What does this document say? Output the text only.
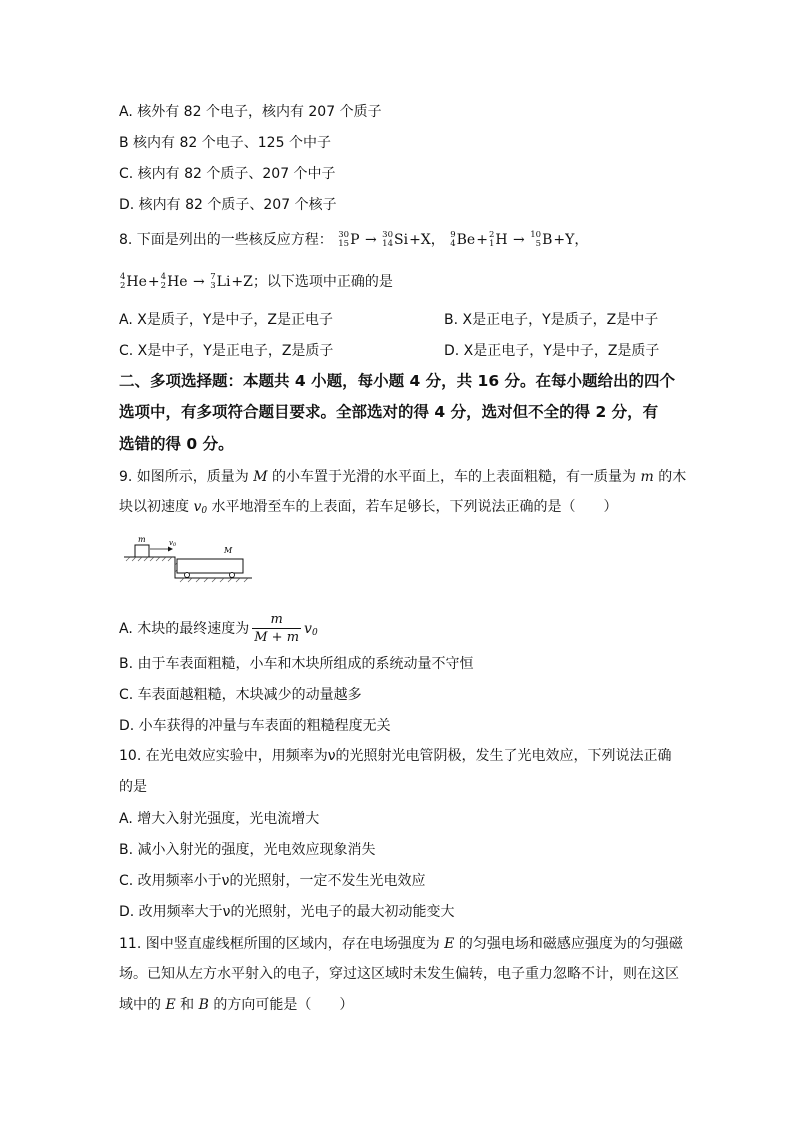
A. 核外有 82 个电子，核内有 207 个质子
B 核内有 82 个电子、125 个中子
C. 核内有 82 个质子、207 个中子
D. 核内有 82 个质子、207 个核子
8. 下面是列出的一些核反应方程： 30
15 P → 30
14 Si+X， 9
4 Be+ 2
1 H → 10
5 B+Y，
4
2 He+ 4
2 He → 7
3 Li+Z；以下选项中正确的是
A. X是质子，Y是中子，Z是正电子	B. X是正电子，Y是质子，Z是中子
C. X是中子，Y是正电子，Z是质子	D. X是正电子，Y是中子，Z是质子
二、多项选择题：本题共 4 小题，每小题 4 分，共 16 分。在每小题给出的四个
选项中，有多项符合题目要求。全部选对的得 4 分，选对但不全的得 2 分，有
选错的得 0 分。
9. 如图所示，质量为 M 的小车置于光滑的水平面上，车的上表面粗糙，有一质量为 m 的木
块以初速度 $v_0$ 水平地滑至车的上表面，若车足够长，下列说法正确的是（　　）
m	v0
M
A. 木块的最终速度为 $\frac{m}{M + m} v_0$
B. 由于车表面粗糙，小车和木块所组成的系统动量不守恒
C. 车表面越粗糙，木块减少的动量越多
D. 小车获得的冲量与车表面的粗糙程度无关
10. 在光电效应实验中，用频率为ν的光照射光电管阴极，发生了光电效应，下列说法正确
的是
A. 增大入射光强度，光电流增大
B. 减小入射光的强度，光电效应现象消失
C. 改用频率小于ν的光照射，一定不发生光电效应
D. 改用频率大于ν的光照射，光电子的最大初动能变大
11. 图中竖直虚线框所围的区域内，存在电场强度为 E 的匀强电场和磁感应强度为的匀强磁
场。已知从左方水平射入的电子，穿过这区域时未发生偏转，电子重力忽略不计，则在这区
域中的 E 和 B 的方向可能是（　　）
